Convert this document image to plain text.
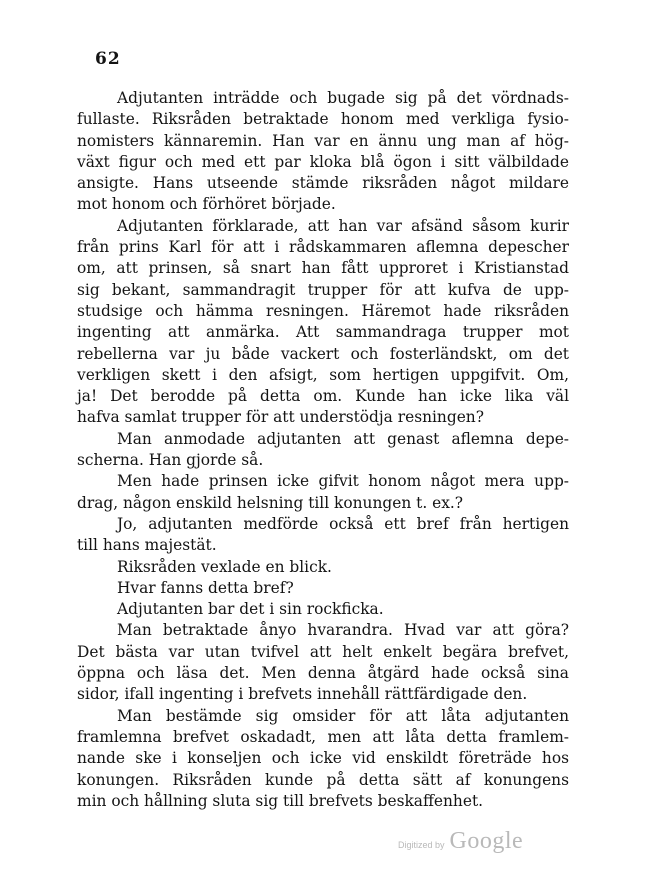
62
Adjutanten inträdde och bugade sig på det vördnads-
fullaste. Riksråden betraktade honom med verkliga fysio-
nomisters kännaremin. Han var en ännu ung man af hög-
växt figur och med ett par kloka blå ögon i sitt välbildade
ansigte. Hans utseende stämde riksråden något mildare
mot honom och förhöret började.
Adjutanten förklarade, att han var afsänd såsom kurir
från prins Karl för att i rådskammaren aflemna depescher
om, att prinsen, så snart han fått upproret i Kristianstad
sig bekant, sammandragit trupper för att kufva de upp-
studsige och hämma resningen. Häremot hade riksråden
ingenting att anmärka. Att sammandraga trupper mot
rebellerna var ju både vackert och fosterländskt, om det
verkligen skett i den afsigt, som hertigen uppgifvit. Om,
ja! Det berodde på detta om. Kunde han icke lika väl
hafva samlat trupper för att understödja resningen?
Man anmodade adjutanten att genast aflemna depe-
scherna. Han gjorde så.
Men hade prinsen icke gifvit honom något mera upp-
drag, någon enskild helsning till konungen t. ex.?
Jo, adjutanten medförde också ett bref från hertigen
till hans majestät.
Riksråden vexlade en blick.
Hvar fanns detta bref?
Adjutanten bar det i sin rockficka.
Man betraktade ånyo hvarandra. Hvad var att göra?
Det bästa var utan tvifvel att helt enkelt begära brefvet,
öppna och läsa det. Men denna åtgärd hade också sina
sidor, ifall ingenting i brefvets innehåll rättfärdigade den.
Man bestämde sig omsider för att låta adjutanten
framlemna brefvet oskadadt, men att låta detta framlem-
nande ske i konseljen och icke vid enskildt företräde hos
konungen. Riksråden kunde på detta sätt af konungens
min och hållning sluta sig till brefvets beskaffenhet.
Digitized by Google
